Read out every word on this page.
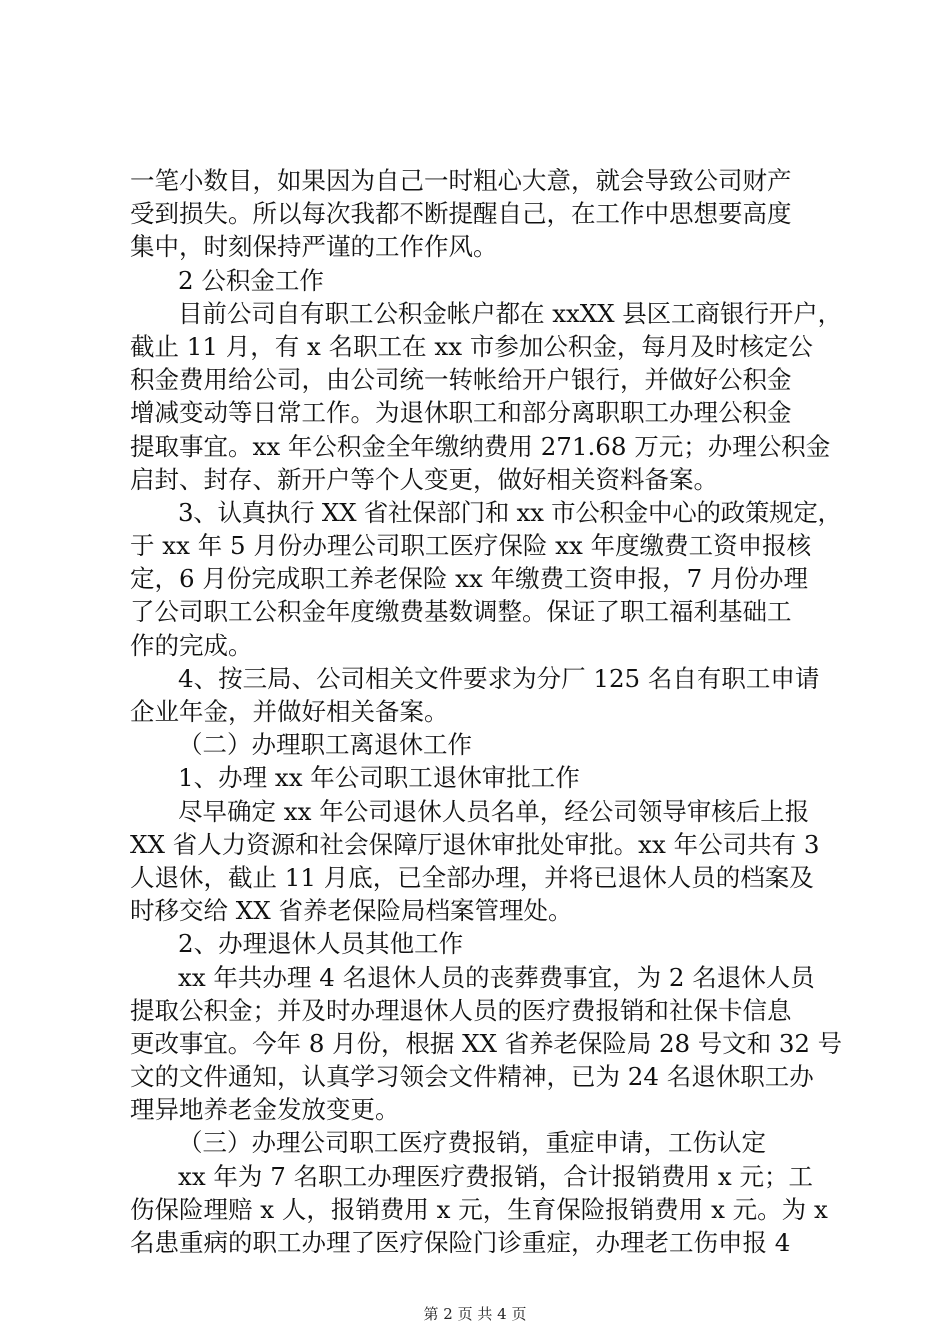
一笔小数目，如果因为自己一时粗心大意，就会导致公司财产
受到损失。所以每次我都不断提醒自己，在工作中思想要高度
集中，时刻保持严谨的工作作风。
2 公积金工作
目前公司自有职工公积金帐户都在 xxXX 县区工商银行开户，
截止 11 月，有 x 名职工在 xx 市参加公积金，每月及时核定公
积金费用给公司，由公司统一转帐给开户银行，并做好公积金
增减变动等日常工作。为退休职工和部分离职职工办理公积金
提取事宜。xx 年公积金全年缴纳费用 271.68 万元；办理公积金
启封、封存、新开户等个人变更，做好相关资料备案。
3、认真执行 XX 省社保部门和 xx 市公积金中心的政策规定，
于 xx 年 5 月份办理公司职工医疗保险 xx 年度缴费工资申报核
定，6 月份完成职工养老保险 xx 年缴费工资申报，7 月份办理
了公司职工公积金年度缴费基数调整。保证了职工福利基础工
作的完成。
4、按三局、公司相关文件要求为分厂 125 名自有职工申请
企业年金，并做好相关备案。
（二）办理职工离退休工作
1、办理 xx 年公司职工退休审批工作
尽早确定 xx 年公司退休人员名单，经公司领导审核后上报
XX 省人力资源和社会保障厅退休审批处审批。xx 年公司共有 3
人退休，截止 11 月底，已全部办理，并将已退休人员的档案及
时移交给 XX 省养老保险局档案管理处。
2、办理退休人员其他工作
xx 年共办理 4 名退休人员的丧葬费事宜，为 2 名退休人员
提取公积金；并及时办理退休人员的医疗费报销和社保卡信息
更改事宜。今年 8 月份，根据 XX 省养老保险局 28 号文和 32 号
文的文件通知，认真学习领会文件精神，已为 24 名退休职工办
理异地养老金发放变更。
（三）办理公司职工医疗费报销，重症申请，工伤认定
xx 年为 7 名职工办理医疗费报销，合计报销费用 x 元；工
伤保险理赔 x 人，报销费用 x 元，生育保险报销费用 x 元。为 x
名患重病的职工办理了医疗保险门诊重症，办理老工伤申报 4
第 2 页 共 4 页
